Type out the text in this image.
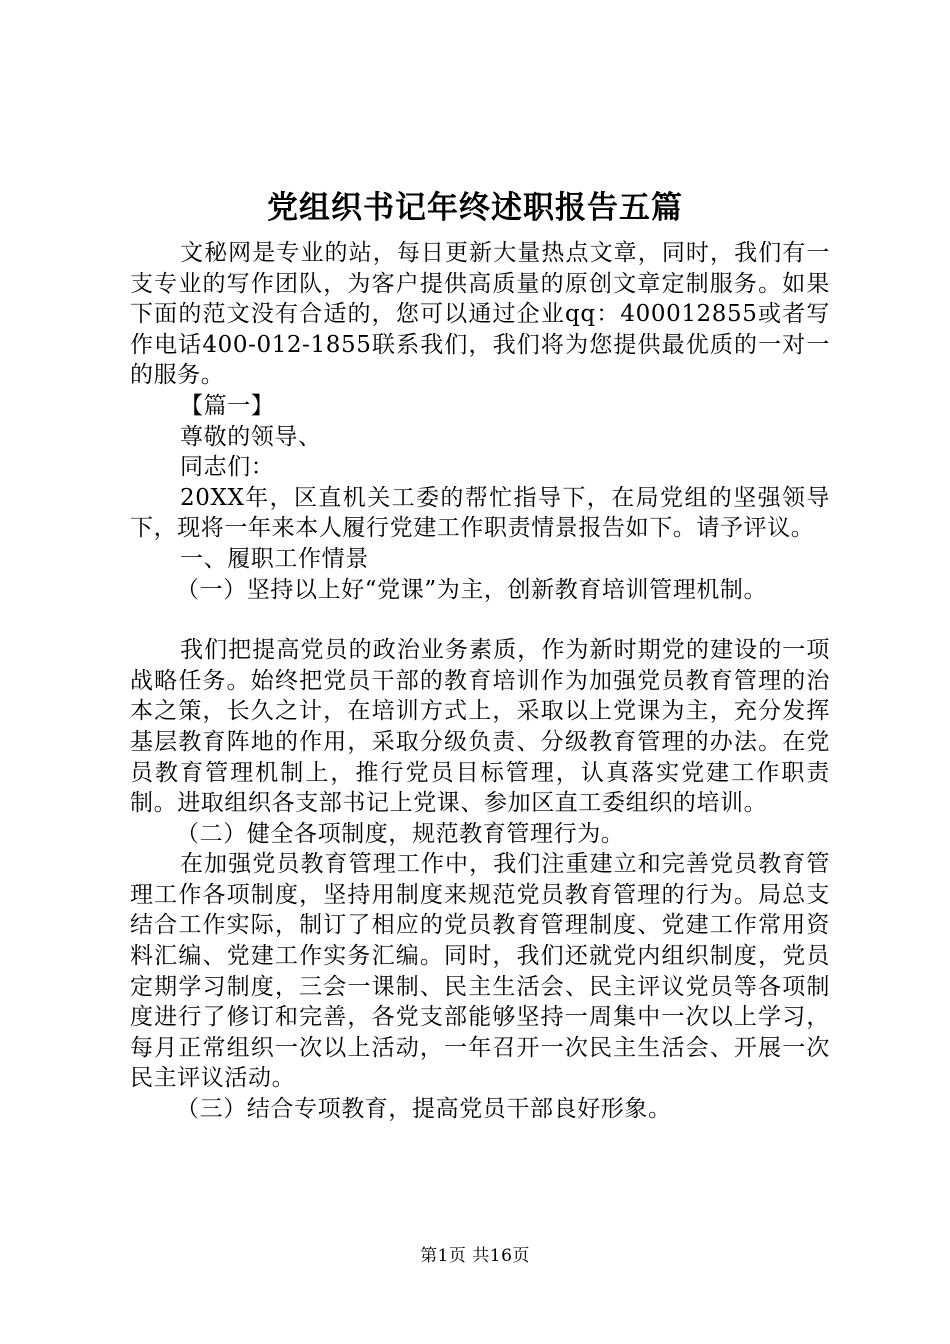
党组织书记年终述职报告五篇

文秘网是专业的站，每日更新大量热点文章，同时，我们有一支专业的写作团队，为客户提供高质量的原创文章定制服务。如果下面的范文没有合适的，您可以通过企业qq：400012855或者写作电话400-012-1855联系我们，我们将为您提供最优质的一对一的服务。

【篇一】

尊敬的领导、

同志们：

20XX年，区直机关工委的帮忙指导下，在局党组的坚强领导下，现将一年来本人履行党建工作职责情景报告如下。请予评议。

一、履职工作情景

（一）坚持以上好“党课”为主，创新教育培训管理机制。

我们把提高党员的政治业务素质，作为新时期党的建设的一项战略任务。始终把党员干部的教育培训作为加强党员教育管理的治本之策，长久之计，在培训方式上，采取以上党课为主，充分发挥基层教育阵地的作用，采取分级负责、分级教育管理的办法。在党员教育管理机制上，推行党员目标管理，认真落实党建工作职责制。进取组织各支部书记上党课、参加区直工委组织的培训。

（二）健全各项制度，规范教育管理行为。

在加强党员教育管理工作中，我们注重建立和完善党员教育管理工作各项制度，坚持用制度来规范党员教育管理的行为。局总支结合工作实际，制订了相应的党员教育管理制度、党建工作常用资料汇编、党建工作实务汇编。同时，我们还就党内组织制度，党员定期学习制度，三会一课制、民主生活会、民主评议党员等各项制度进行了修订和完善，各党支部能够坚持一周集中一次以上学习，每月正常组织一次以上活动，一年召开一次民主生活会、开展一次民主评议活动。

（三）结合专项教育，提高党员干部良好形象。

第1页 共16页
